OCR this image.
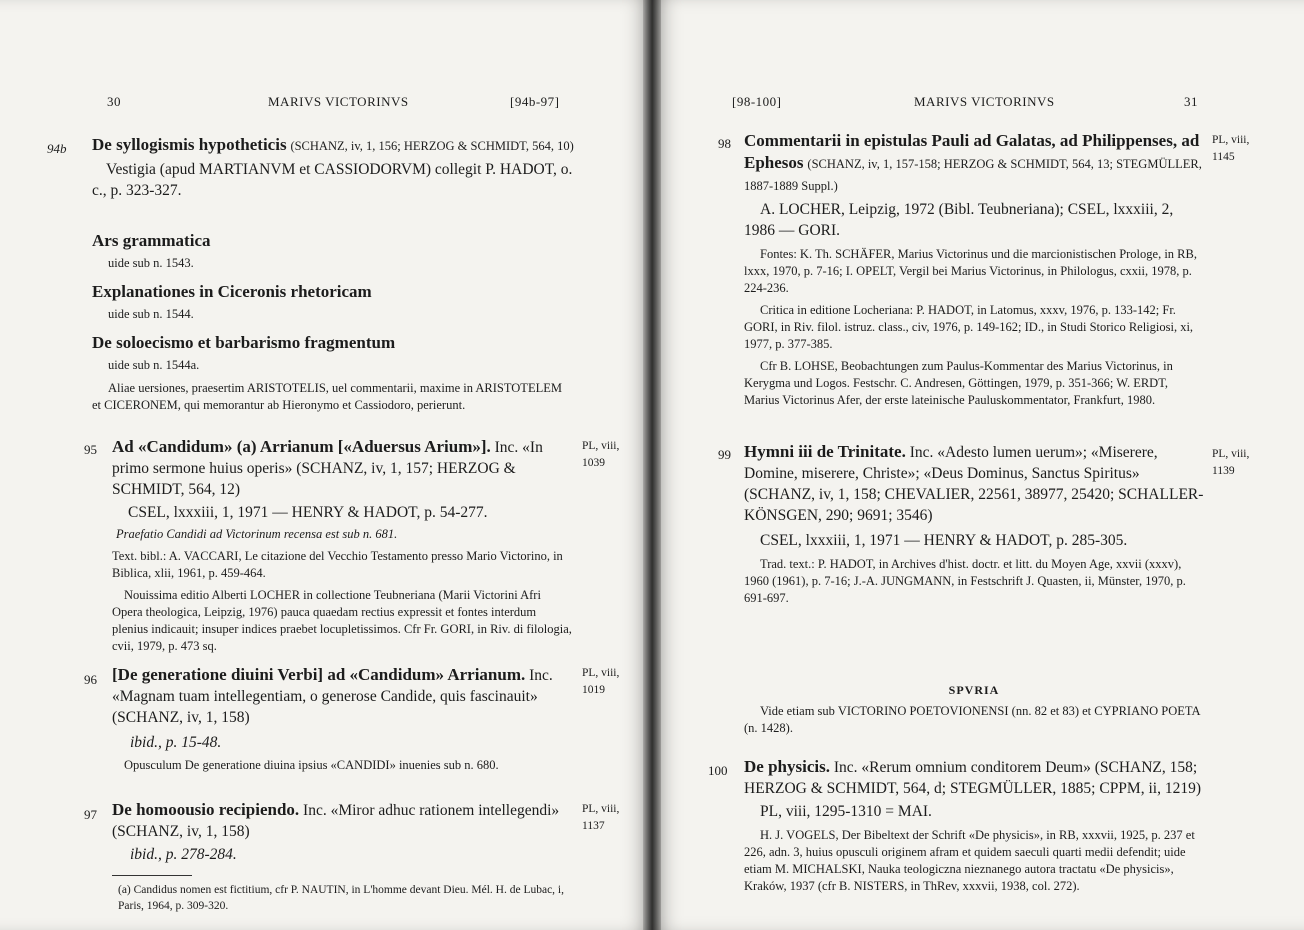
30	MARIVS VICTORINVS	[94b-97]
94b De syllogismis hypotheticis (SCHANZ, iv, 1, 156; HERZOG & SCHMIDT, 564, 10)

Vestigia (apud MARTIANVM et CASSIODORVM) collegit P. HADOT, o. c., p. 323-327.

Ars grammatica

uide sub n. 1543.

Explanationes in Ciceronis rhetoricam

uide sub n. 1544.

De soloecismo et barbarismo fragmentum

uide sub n. 1544a.

Aliae uersiones, praesertim ARISTOTELIS, uel commentarii, maxime in ARISTOTELEM et CICERONEM, qui memorantur ab Hieronymo et Cassiodoro, perierunt.

95	PL, viii, 1039

Ad «Candidum» (a) Arrianum [«Aduersus Arium»]. Inc. «In primo sermone huius operis» (SCHANZ, iv, 1, 157; HERZOG & SCHMIDT, 564, 12)

CSEL, lxxxiii, 1, 1971 — HENRY & HADOT, p. 54-277.

Praefatio Candidi ad Victorinum recensa est sub n. 681.

Text. bibl.: A. VACCARI, Le citazione del Vecchio Testamento presso Mario Victorino, in Biblica, xlii, 1961, p. 459-464.

Nouissima editio Alberti LOCHER in collectione Teubneriana (Marii Victorini Afri Opera theologica, Leipzig, 1976) pauca quaedam rectius expressit et fontes interdum plenius indicauit; insuper indices praebet locupletissimos. Cfr Fr. GORI, in Riv. di filologia, cvii, 1979, p. 473 sq.

96	PL, viii, 1019

[De generatione diuini Verbi] ad «Candidum» Arrianum. Inc. «Magnam tuam intellegentiam, o generose Candide, quis fascinauit» (SCHANZ, iv, 1, 158)

ibid., p. 15-48.

Opusculum De generatione diuina ipsius «CANDIDI» inuenies sub n. 680.

97	PL, viii, 1137

De homoousio recipiendo. Inc. «Miror adhuc rationem intellegendi» (SCHANZ, iv, 1, 158)

ibid., p. 278-284.

(a) Candidus nomen est fictitium, cfr P. NAUTIN, in L'homme devant Dieu. Mél. H. de Lubac, i, Paris, 1964, p. 309-320.
[98-100]	MARIVS VICTORINVS	31
98	PL, viii, 1145

Commentarii in epistulas Pauli ad Galatas, ad Philippenses, ad Ephesos (SCHANZ, iv, 1, 157-158; HERZOG & SCHMIDT, 564, 13; STEGMÜLLER, 1887-1889 Suppl.)

A. LOCHER, Leipzig, 1972 (Bibl. Teubneriana); CSEL, lxxxiii, 2, 1986 — GORI.

Fontes: K. Th. SCHÄFER, Marius Victorinus und die marcionistischen Prologe, in RB, lxxx, 1970, p. 7-16; I. OPELT, Vergil bei Marius Victorinus, in Philologus, cxxii, 1978, p. 224-236.

Critica in editione Locheriana: P. HADOT, in Latomus, xxxv, 1976, p. 133-142; Fr. GORI, in Riv. filol. istruz. class., civ, 1976, p. 149-162; ID., in Studi Storico Religiosi, xi, 1977, p. 377-385.

Cfr B. LOHSE, Beobachtungen zum Paulus-Kommentar des Marius Victorinus, in Kerygma und Logos. Festschr. C. Andresen, Göttingen, 1979, p. 351-366; W. ERDT, Marius Victorinus Afer, der erste lateinische Pauluskommentator, Frankfurt, 1980.

99	PL, viii, 1139

Hymni iii de Trinitate. Inc. «Adesto lumen uerum»; «Miserere, Domine, miserere, Christe»; «Deus Dominus, Sanctus Spiritus» (SCHANZ, iv, 1, 158; CHEVALIER, 22561, 38977, 25420; SCHALLER-KÖNSGEN, 290; 9691; 3546)

CSEL, lxxxiii, 1, 1971 — HENRY & HADOT, p. 285-305.

Trad. text.: P. HADOT, in Archives d'hist. doctr. et litt. du Moyen Age, xxvii (xxxv), 1960 (1961), p. 7-16; J.-A. JUNGMANN, in Festschrift J. Quasten, ii, Münster, 1970, p. 691-697.

SPVRIA

Vide etiam sub VICTORINO POETOVIONENSI (nn. 82 et 83) et CYPRIANO POETA (n. 1428).

100 De physicis. Inc. «Rerum omnium conditorem Deum» (SCHANZ, 158; HERZOG & SCHMIDT, 564, d; STEGMÜLLER, 1885; CPPM, ii, 1219)

PL, viii, 1295-1310 = MAI.

H. J. VOGELS, Der Bibeltext der Schrift «De physicis», in RB, xxxvii, 1925, p. 237 et 226, adn. 3, huius opusculi originem afram et quidem saeculi quarti medii defendit; uide etiam M. MICHALSKI, Nauka teologiczna nieznanego autora tractatu «De physicis», Kraków, 1937 (cfr B. NISTERS, in ThRev, xxxvii, 1938, col. 272).
